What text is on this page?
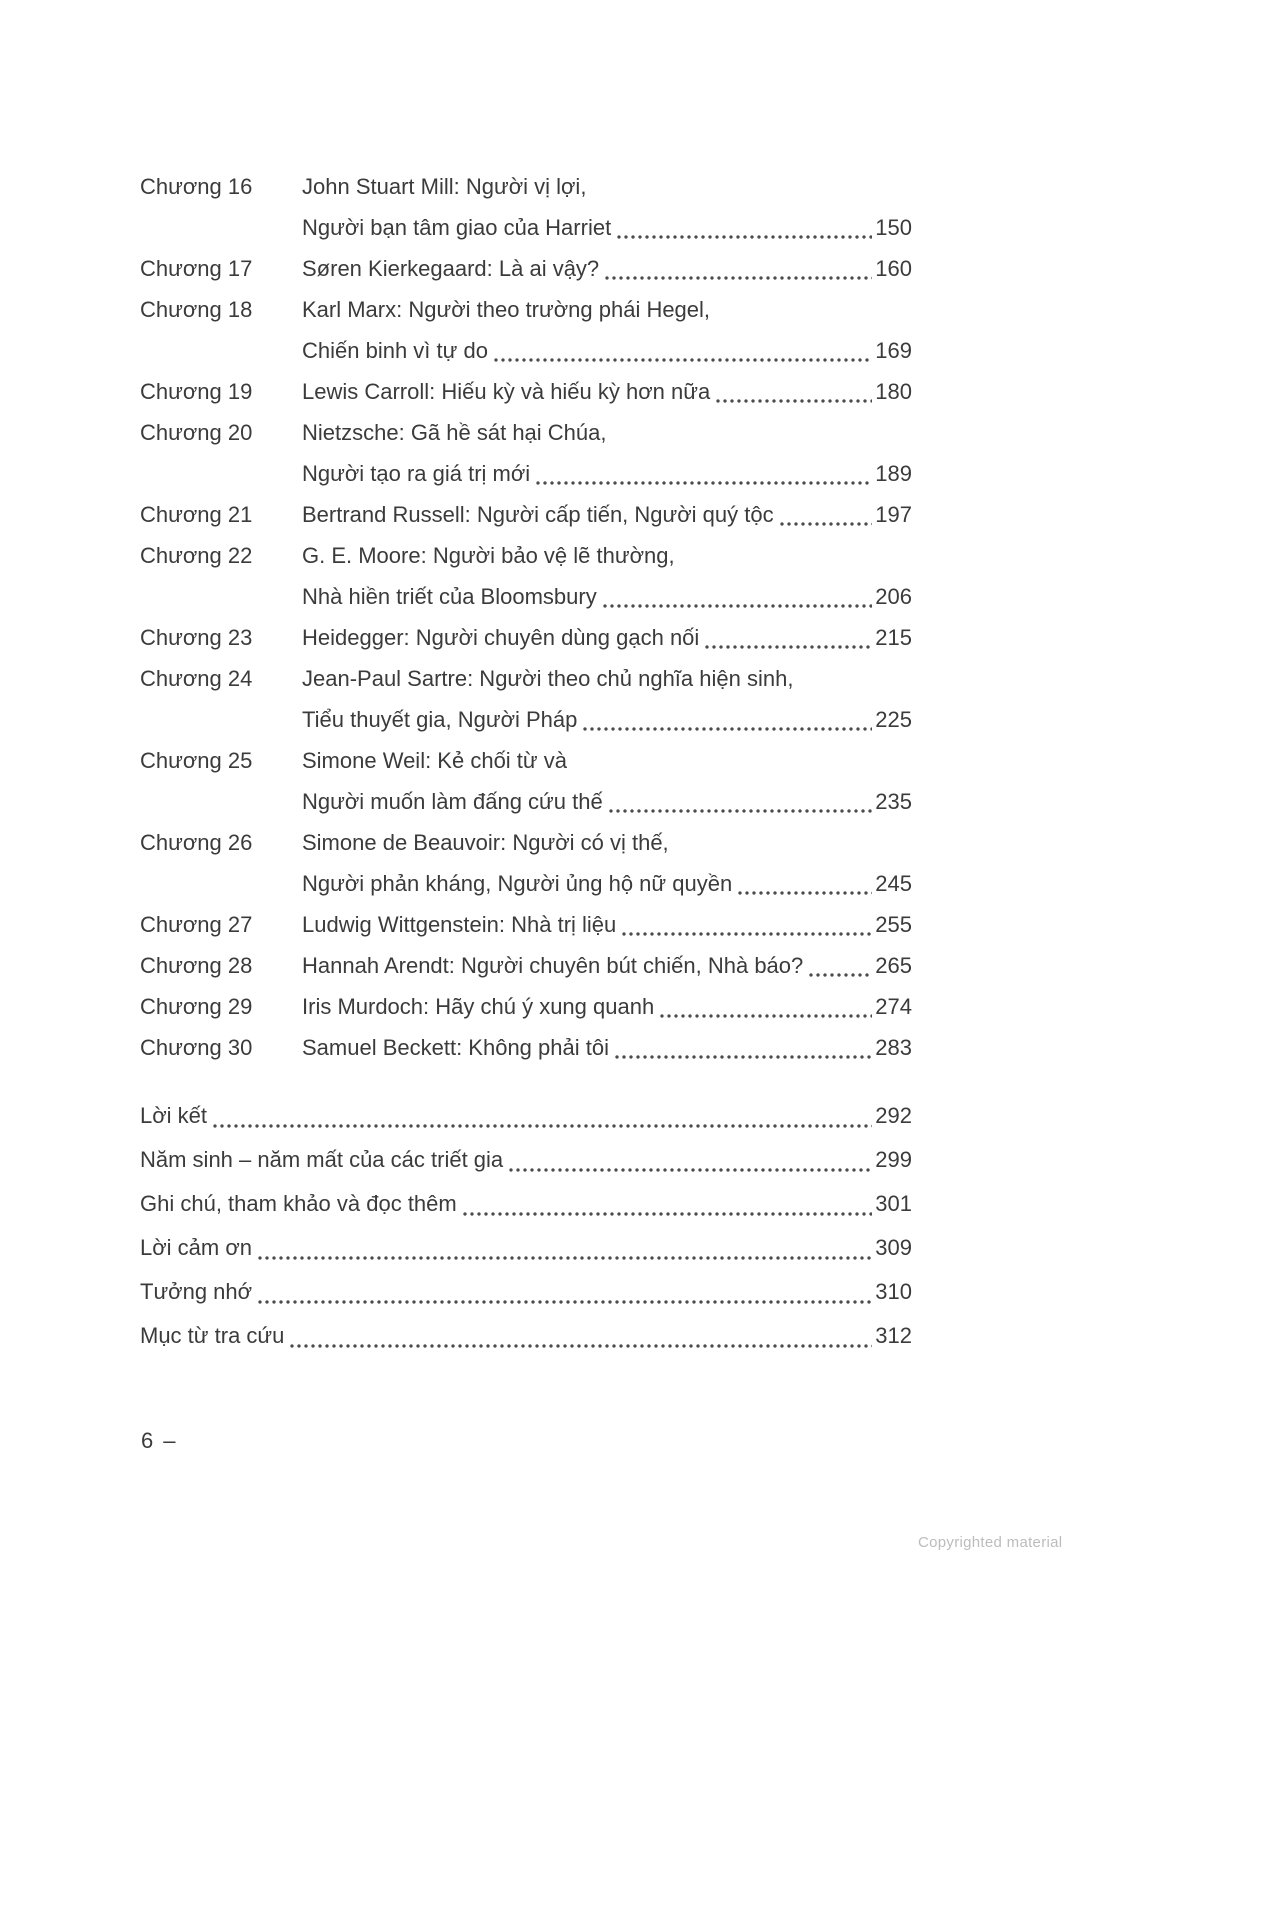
Chương 16	John Stuart Mill: Người vị lợi,
Người bạn tâm giao của Harriet	150
Chương 17	Søren Kierkegaard: Là ai vậy?	160
Chương 18	Karl Marx: Người theo trường phái Hegel,
Chiến binh vì tự do	169
Chương 19	Lewis Carroll: Hiếu kỳ và hiếu kỳ hơn nữa	180
Chương 20	Nietzsche: Gã hề sát hại Chúa,
Người tạo ra giá trị mới	189
Chương 21	Bertrand Russell: Người cấp tiến, Người quý tộc	197
Chương 22	G. E. Moore: Người bảo vệ lẽ thường,
Nhà hiền triết của Bloomsbury	206
Chương 23	Heidegger: Người chuyên dùng gạch nối	215
Chương 24	Jean-Paul Sartre: Người theo chủ nghĩa hiện sinh,
Tiểu thuyết gia, Người Pháp	225
Chương 25	Simone Weil: Kẻ chối từ và
Người muốn làm đấng cứu thế	235
Chương 26	Simone de Beauvoir: Người có vị thế,
Người phản kháng, Người ủng hộ nữ quyền	245
Chương 27	Ludwig Wittgenstein: Nhà trị liệu	255
Chương 28	Hannah Arendt: Người chuyên bút chiến, Nhà báo?	265
Chương 29	Iris Murdoch: Hãy chú ý xung quanh	274
Chương 30	Samuel Beckett: Không phải tôi	283
Lời kết	292
Năm sinh – năm mất của các triết gia	299
Ghi chú, tham khảo và đọc thêm	301
Lời cảm ơn	309
Tưởng nhớ	310
Mục từ tra cứu	312
6 –
Copyrighted material
